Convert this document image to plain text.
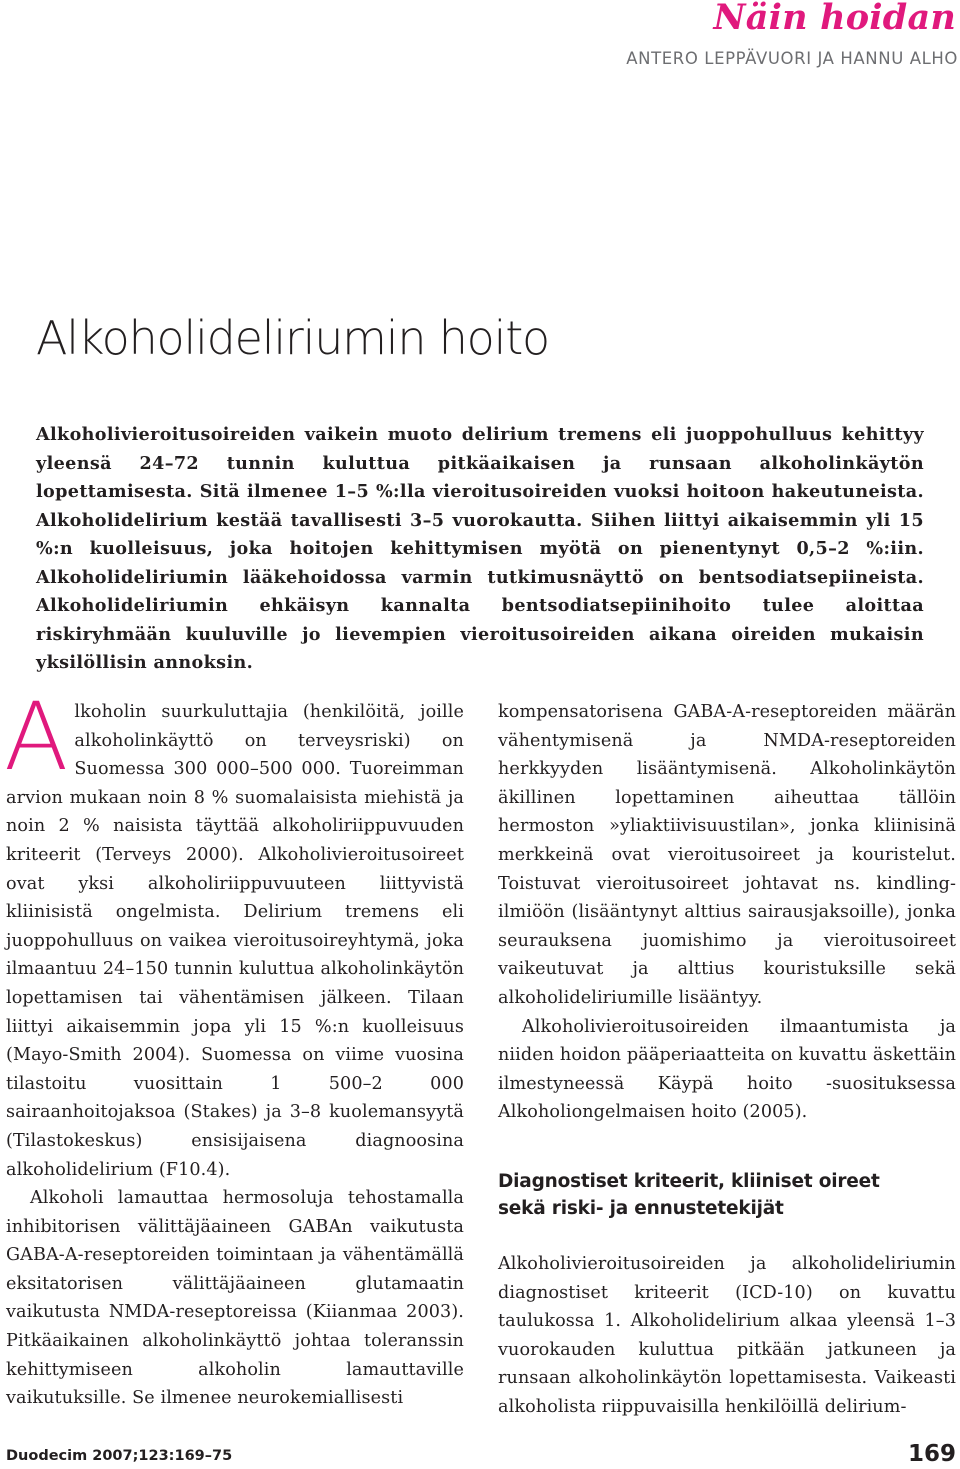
Näin hoidan
ANTERO LEPPÄVUORI JA HANNU ALHO
Alkoholideliriumin hoito

Alkoholivieroitusoireiden vaikein muoto delirium tremens eli juoppohulluus kehittyy yleensä 24–72 tunnin kuluttua pitkäaikaisen ja runsaan alkoholinkäytön lopettamisesta. Sitä ilmenee 1–5 %:lla vieroitusoireiden vuoksi hoitoon hakeutuneista. Alkoholidelirium kestää tavallisesti 3–5 vuorokautta. Siihen liittyi aikaisemmin yli 15 %:n kuolleisuus, joka hoitojen kehittymisen myötä on pienentynyt 0,5–2 %:iin. Alkoholideliriumin lääkehoidossa varmin tutkimusnäyttö on bentsodiatsepiineista. Alkoholideliriumin ehkäisyn kannalta bentsodiatsepiinihoito tulee aloittaa riskiryhmään kuuluville jo lievempien vieroitusoireiden aikana oireiden mukaisin yksilöllisin annoksin.

Alkoholin suurkuluttajia (henkilöitä, joille alkoholinkäyttö on terveysriski) on Suomessa 300 000–500 000. Tuoreimman arvion mukaan noin 8 % suomalaisista miehistä ja noin 2 % naisista täyttää alkoholiriippuvuuden kriteerit (Terveys 2000). Alkoholivieroitusoireet ovat yksi alkoholiriippuvuuteen liittyvistä kliinisistä ongelmista. Delirium tremens eli juoppohulluus on vaikea vieroitusoireyhtymä, joka ilmaantuu 24–150 tunnin kuluttua alkoholinkäytön lopettamisen tai vähentämisen jälkeen. Tilaan liittyi aikaisemmin jopa yli 15 %:n kuolleisuus (Mayo-Smith 2004). Suomessa on viime vuosina tilastoitu vuosittain 1 500–2 000 sairaanhoitojaksoa (Stakes) ja 3–8 kuolemansyytä (Tilastokeskus) ensisijaisena diagnoosina alkoholidelirium (F10.4).

Alkoholi lamauttaa hermosoluja tehostamalla inhibitorisen välittäjäaineen GABAn vaikutusta GABA-A-reseptoreiden toimintaan ja vähentämällä eksitatorisen välittäjäaineen glutamaatin vaikutusta NMDA-reseptoreissa (Kiianmaa 2003). Pitkäaikainen alkoholinkäyttö johtaa toleranssin kehittymiseen alkoholin lamauttaville vaikutuksille. Se ilmenee neurokemiallisesti

kompensatorisena GABA-A-reseptoreiden määrän vähentymisenä ja NMDA-reseptoreiden herkkyyden lisääntymisenä. Alkoholinkäytön äkillinen lopettaminen aiheuttaa tällöin hermoston »yliaktiivisuustilan», jonka kliinisinä merkkeinä ovat vieroitusoireet ja kouristelut. Toistuvat vieroitusoireet johtavat ns. kindling-ilmiöön (lisääntynyt alttius sairausjaksoille), jonka seurauksena juomishimo ja vieroitusoireet vaikeutuvat ja alttius kouristuksille sekä alkoholideliriumille lisääntyy.

Alkoholivieroitusoireiden ilmaantumista ja niiden hoidon pääperiaatteita on kuvattu äskettäin ilmestyneessä Käypä hoito -suosituksessa Alkoholiongelmaisen hoito (2005).

Diagnostiset kriteerit, kliiniset oireet
sekä riski- ja ennustetekijät

Alkoholivieroitusoireiden ja alkoholideliriumin diagnostiset kriteerit (ICD-10) on kuvattu taulukossa 1. Alkoholidelirium alkaa yleensä 1–3 vuorokauden kuluttua pitkään jatkuneen ja runsaan alkoholinkäytön lopettamisesta. Vaikeasti alkoholista riippuvaisilla henkilöillä delirium-

Duodecim 2007;123:169–75	169
